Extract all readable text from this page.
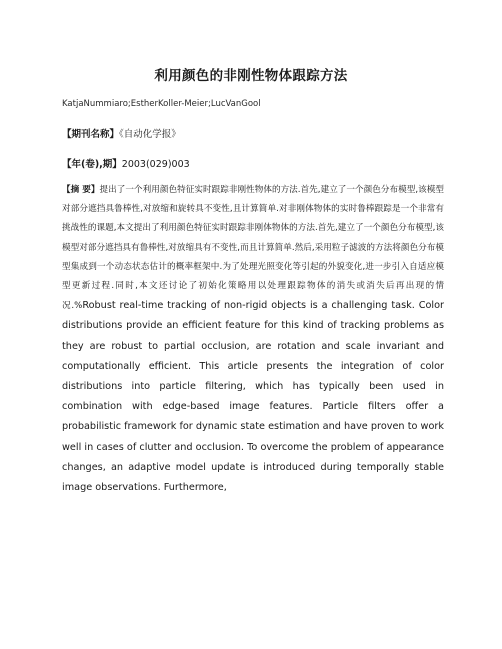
利用颜色的非刚性物体跟踪方法
KatjaNummiaro;EstherKoller-Meier;LucVanGool
【期刊名称】《自动化学报》
【年(卷),期】2003(029)003
【摘 要】提出了一个利用颜色特征实时跟踪非刚性物体的方法.首先,建立了一个颜色分布模型,该模型对部分遮挡具鲁棒性,对放缩和旋转具不变性,且计算简单.对非刚体物体的实时鲁棒跟踪是一个非常有挑战性的课题,本文提出了利用颜色特征实时跟踪非刚体物体的方法.首先,建立了一个颜色分布模型,该模型对部分遮挡具有鲁棒性,对放缩具有不变性,而且计算简单.然后,采用粒子滤波的方法将颜色分布模型集成到一个动态状态估计的概率框架中.为了处理光照变化等引起的外貌变化,进一步引入自适应模型更新过程.同时,本文还讨论了初始化策略用以处理跟踪物体的消失或消失后再出现的情况.%Robust real-time tracking of non-rigid objects is a challenging task. Color distributions provide an efficient feature for this kind of tracking problems as they are robust to partial occlusion, are rotation and scale invariant and computationally efficient. This article presents the integration of color distributions into particle filtering, which has typically been used in combination with edge-based image features. Particle filters offer a probabilistic framework for dynamic state estimation and have proven to work well in cases of clutter and occlusion. To overcome the problem of appearance changes, an adaptive model update is introduced during temporally stable image observations. Furthermore,
